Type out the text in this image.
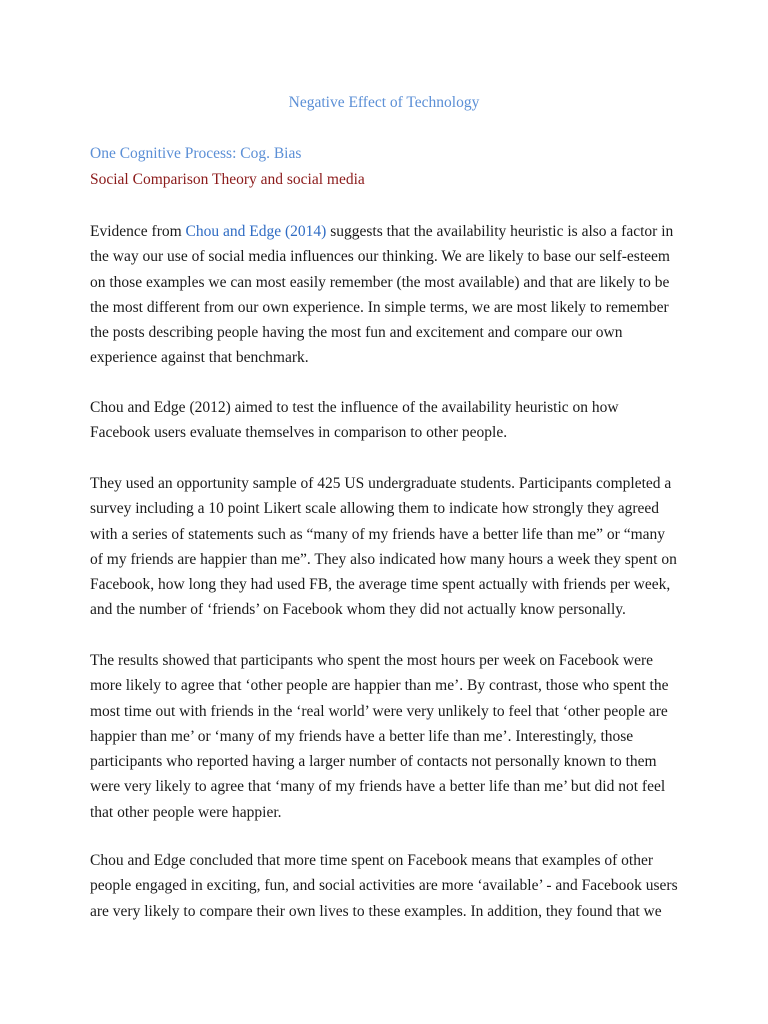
Negative Effect of Technology

One Cognitive Process: Cog. Bias

Social Comparison Theory and social media

Evidence from Chou and Edge (2014) suggests that the availability heuristic is also a factor in the way our use of social media influences our thinking. We are likely to base our self-esteem on those examples we can most easily remember (the most available) and that are likely to be the most different from our own experience. In simple terms, we are most likely to remember the posts describing people having the most fun and excitement and compare our own experience against that benchmark.

Chou and Edge (2012) aimed to test the influence of the availability heuristic on how Facebook users evaluate themselves in comparison to other people.

They used an opportunity sample of 425 US undergraduate students. Participants completed a survey including a 10 point Likert scale allowing them to indicate how strongly they agreed with a series of statements such as “many of my friends have a better life than me” or “many of my friends are happier than me”. They also indicated how many hours a week they spent on Facebook, how long they had used FB, the average time spent actually with friends per week, and the number of ‘friends’ on Facebook whom they did not actually know personally.

The results showed that participants who spent the most hours per week on Facebook were more likely to agree that ‘other people are happier than me’. By contrast, those who spent the most time out with friends in the ‘real world’ were very unlikely to feel that ‘other people are happier than me’ or ‘many of my friends have a better life than me’. Interestingly, those participants who reported having a larger number of contacts not personally known to them were very likely to agree that ‘many of my friends have a better life than me’ but did not feel that other people were happier.

Chou and Edge concluded that more time spent on Facebook means that examples of other people engaged in exciting, fun, and social activities are more ‘available’ - and Facebook users are very likely to compare their own lives to these examples. In addition, they found that we
